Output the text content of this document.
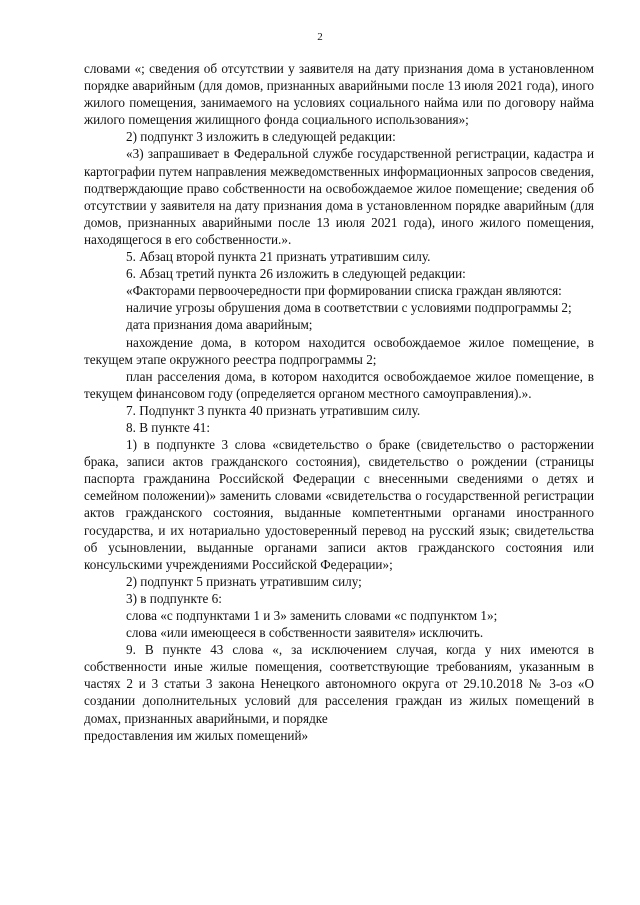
2

словами «; сведения об отсутствии у заявителя на дату признания дома в установленном порядке аварийным (для домов, признанных аварийными после 13 июля 2021 года), иного жилого помещения, занимаемого на условиях социального найма или по договору найма жилого помещения жилищного фонда социального использования»;

2) подпункт 3 изложить в следующей редакции:

«3) запрашивает в Федеральной службе государственной регистрации, кадастра и картографии путем направления межведомственных информационных запросов сведения, подтверждающие право собственности на освобождаемое жилое помещение; сведения об отсутствии у заявителя на дату признания дома в установленном порядке аварийным (для домов, признанных аварийными после 13 июля 2021 года), иного жилого помещения, находящегося в его собственности.».

5. Абзац второй пункта 21 признать утратившим силу.

6. Абзац третий пункта 26 изложить в следующей редакции:

«Факторами первоочередности при формировании списка граждан являются:

наличие угрозы обрушения дома в соответствии с условиями подпрограммы 2;

дата признания дома аварийным;

нахождение дома, в котором находится освобождаемое жилое помещение, в текущем этапе окружного реестра подпрограммы 2;

план расселения дома, в котором находится освобождаемое жилое помещение, в текущем финансовом году (определяется органом местного самоуправления).».

7. Подпункт 3 пункта 40 признать утратившим силу.

8. В пункте 41:

1) в подпункте 3 слова «свидетельство о браке (свидетельство о расторжении брака, записи актов гражданского состояния), свидетельство о рождении (страницы паспорта гражданина Российской Федерации с внесенными сведениями о детях и семейном положении)» заменить словами «свидетельства о государственной регистрации актов гражданского состояния, выданные компетентными органами иностранного государства, и их нотариально удостоверенный перевод на русский язык; свидетельства об усыновлении, выданные органами записи актов гражданского состояния или консульскими учреждениями Российской Федерации»;

2) подпункт 5 признать утратившим силу;

3) в подпункте 6:

слова «с подпунктами 1 и 3» заменить словами «с подпунктом 1»;

слова «или имеющееся в собственности заявителя» исключить.

9. В пункте 43 слова «, за исключением случая, когда у них имеются в собственности иные жилые помещения, соответствующие требованиям, указанным в частях 2 и 3 статьи 3 закона Ненецкого автономного округа от 29.10.2018 № 3-оз «О создании дополнительных условий для расселения граждан из жилых помещений в домах, признанных аварийными, и порядке

предоставления им жилых помещений»
